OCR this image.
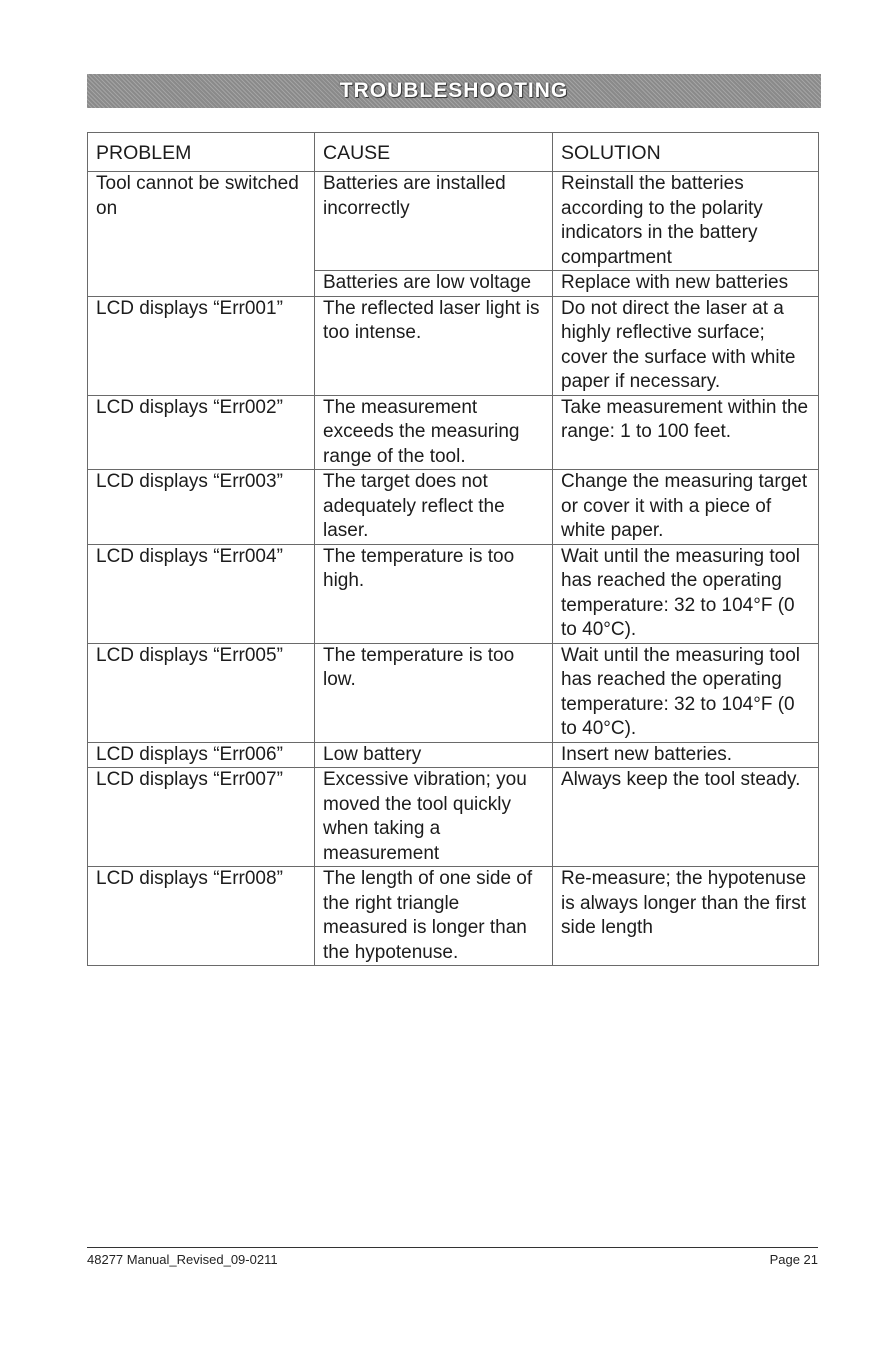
TROUBLESHOOTING
PROBLEM	CAUSE	SOLUTION
Tool cannot be switched on	Batteries are installed incorrectly	Reinstall the batteries according to the polarity indicators in the battery compartment
	Batteries are low voltage	Replace with new batteries
LCD displays “Err001”	The reflected laser light is too intense.	Do not direct the laser at a highly reflective surface; cover the surface with white paper if necessary.
LCD displays “Err002”	The measurement exceeds the measuring range of the tool.	Take measurement within the range: 1 to 100 feet.
LCD displays “Err003”	The target does not adequately reflect the laser.	Change the measuring target or cover it with a piece of white paper.
LCD displays “Err004”	The temperature is too high.	Wait until the measuring tool has reached the operating temperature: 32 to 104°F (0 to 40°C).
LCD displays “Err005”	The temperature is too low.	Wait until the measuring tool has reached the operating temperature: 32 to 104°F (0 to 40°C).
LCD displays “Err006”	Low battery	Insert new batteries.
LCD displays “Err007”	Excessive vibration; you moved the tool quickly when taking a measurement	Always keep the tool steady.
LCD displays “Err008”	The length of one side of the right triangle measured is longer than the hypotenuse.	Re-measure; the hypotenuse is always longer than the first side length
48277 Manual_Revised_09-0211	Page 21
